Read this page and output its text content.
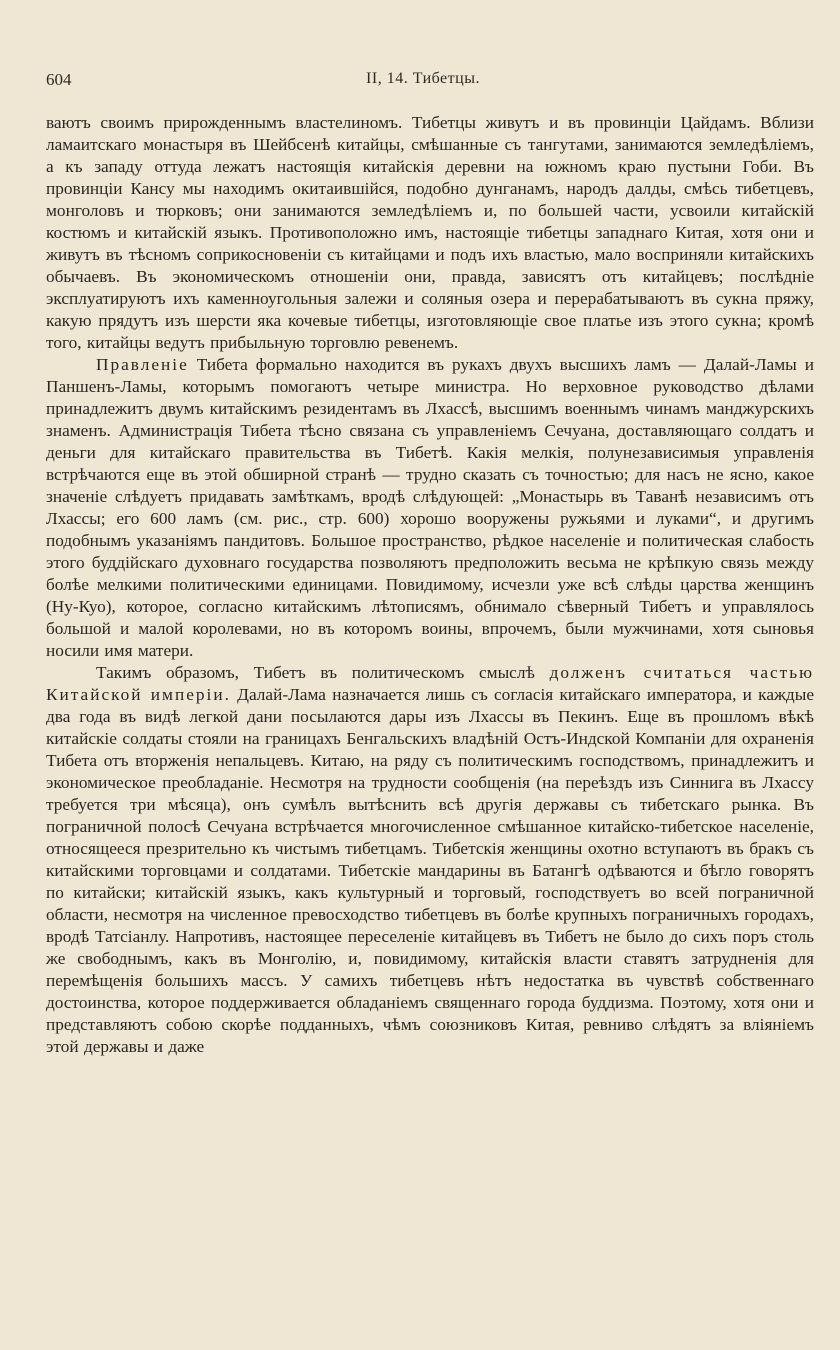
604	II, 14. Тибетцы.

ваютъ своимъ прирожденнымъ властелиномъ. Тибетцы живутъ и въ провинціи Цайдамъ. Вблизи ламаитскаго монастыря въ Шейбсенѣ китайцы, смѣшанные съ тангутами, занимаются земледѣліемъ, а къ западу оттуда лежатъ настоящія китайскія деревни на южномъ краю пустыни Гоби. Въ провинціи Кансу мы находимъ окитаившійся, подобно дунганамъ, народъ далды, смѣсь тибетцевъ, монголовъ и тюрковъ; они занимаются земледѣліемъ и, по большей части, усвоили китайскій костюмъ и китайскій языкъ. Противоположно имъ, настоящіе тибетцы западнаго Китая, хотя они и живутъ въ тѣсномъ соприкосновеніи съ китайцами и подъ ихъ властью, мало восприняли китайскихъ обычаевъ. Въ экономическомъ отношеніи они, правда, зависятъ отъ китайцевъ; послѣдніе эксплуатируютъ ихъ каменноугольныя залежи и соляныя озера и перерабатываютъ въ сукна пряжу, какую прядутъ изъ шерсти яка кочевые тибетцы, изготовляющіе свое платье изъ этого сукна; кромѣ того, китайцы ведутъ прибыльную торговлю ревенемъ.

Правленіе Тибета формально находится въ рукахъ двухъ высшихъ ламъ — Далай-Ламы и Паншенъ-Ламы, которымъ помогаютъ четыре министра. Но верховное руководство дѣлами принадлежитъ двумъ китайскимъ резидентамъ въ Лхассѣ, высшимъ военнымъ чинамъ манджурскихъ знаменъ. Администрація Тибета тѣсно связана съ управленіемъ Сечуана, доставляющаго солдатъ и деньги для китайскаго правительства въ Тибетѣ. Какія мелкія, полунезависимыя управленія встрѣчаются еще въ этой обширной странѣ — трудно сказать съ точностью; для насъ не ясно, какое значеніе слѣдуетъ придавать замѣткамъ, вродѣ слѣдующей: „Монастырь въ Таванѣ независимъ отъ Лхассы; его 600 ламъ (см. рис., стр. 600) хорошо вооружены ружьями и луками“, и другимъ подобнымъ указаніямъ пандитовъ. Большое пространство, рѣдкое населеніе и политическая слабость этого буддійскаго духовнаго государства позволяютъ предположить весьма не крѣпкую связь между болѣе мелкими политическими единицами. Повидимому, исчезли уже всѣ слѣды царства женщинъ (Ну-Куо), которое, согласно китайскимъ лѣтописямъ, обнимало сѣверный Тибетъ и управлялось большой и малой королевами, но въ которомъ воины, впрочемъ, были мужчинами, хотя сыновья носили имя матери.

Такимъ образомъ, Тибетъ въ политическомъ смыслѣ долженъ считаться частью Китайской имперіи. Далай-Лама назначается лишь съ согласія китайскаго императора, и каждые два года въ видѣ легкой дани посылаются дары изъ Лхассы въ Пекинъ. Еще въ прошломъ вѣкѣ китайскіе солдаты стояли на границахъ Бенгальскихъ владѣній Остъ-Индской Компаніи для охраненія Тибета отъ вторженія непальцевъ. Китаю, на ряду съ политическимъ господствомъ, принадлежитъ и экономическое преобладаніе. Несмотря на трудности сообщенія (на переѣздъ изъ Синнига въ Лхассу требуется три мѣсяца), онъ сумѣлъ вытѣснить всѣ другія державы съ тибетскаго рынка. Въ пограничной полосѣ Сечуана встрѣчается многочисленное смѣшанное китайско-тибетское населеніе, относящееся презрительно къ чистымъ тибетцамъ. Тибетскія женщины охотно вступаютъ въ бракъ съ китайскими торговцами и солдатами. Тибетскіе мандарины въ Батангѣ одѣваются и бѣгло говорятъ по китайски; китайскій языкъ, какъ культурный и торговый, господствуетъ во всей пограничной области, несмотря на численное превосходство тибетцевъ въ болѣе крупныхъ пограничныхъ городахъ, вродѣ Татсіанлу. Напротивъ, настоящее переселеніе китайцевъ въ Тибетъ не было до сихъ поръ столь же свободнымъ, какъ въ Монголію, и, повидимому, китайскія власти ставятъ затрудненія для перемѣщенія большихъ массъ. У самихъ тибетцевъ нѣтъ недостатка въ чувствѣ собственнаго достоинства, которое поддерживается обладаніемъ священнаго города буддизма. Поэтому, хотя они и представляютъ собою скорѣе подданныхъ, чѣмъ союзниковъ Китая, ревниво слѣдятъ за вліяніемъ этой державы и даже
